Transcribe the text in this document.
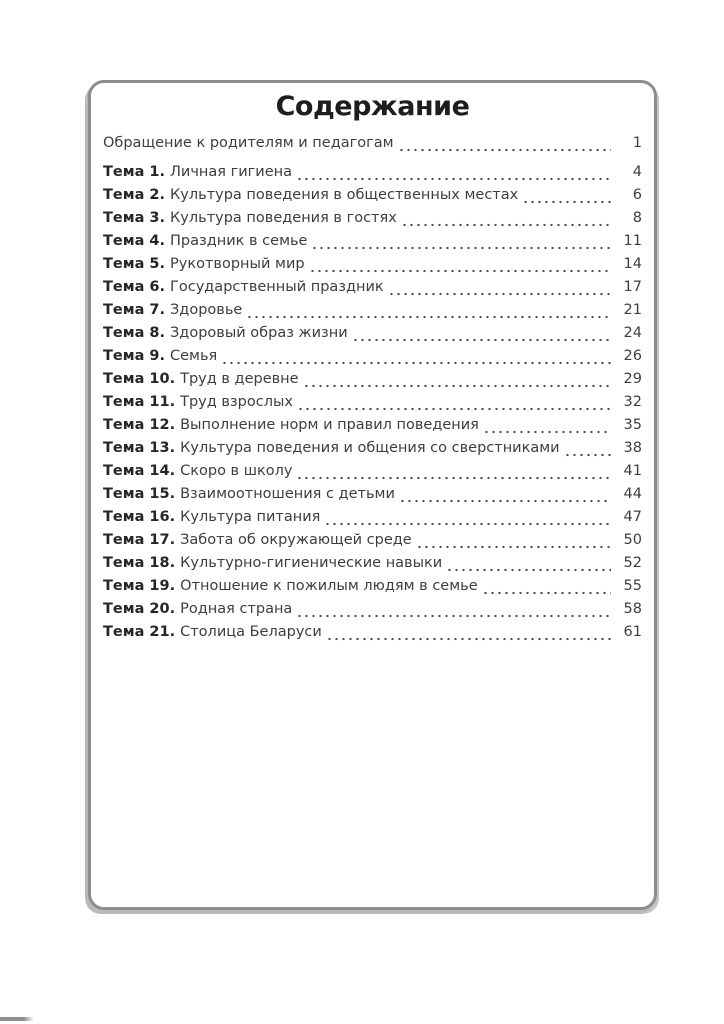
Содержание
Обращение к родителям и педагогам	1
Тема 1. Личная гигиена	4
Тема 2. Культура поведения в общественных местах	6
Тема 3. Культура поведения в гостях	8
Тема 4. Праздник в семье	11
Тема 5. Рукотворный мир	14
Тема 6. Государственный праздник	17
Тема 7. Здоровье	21
Тема 8. Здоровый образ жизни	24
Тема 9. Семья	26
Тема 10. Труд в деревне	29
Тема 11. Труд взрослых	32
Тема 12. Выполнение норм и правил поведения	35
Тема 13. Культура поведения и общения со сверстниками	38
Тема 14. Скоро в школу	41
Тема 15. Взаимоотношения с детьми	44
Тема 16. Культура питания	47
Тема 17. Забота об окружающей среде	50
Тема 18. Культурно-гигиенические навыки	52
Тема 19. Отношение к пожилым людям в семье	55
Тема 20. Родная страна	58
Тема 21. Столица Беларуси	61
